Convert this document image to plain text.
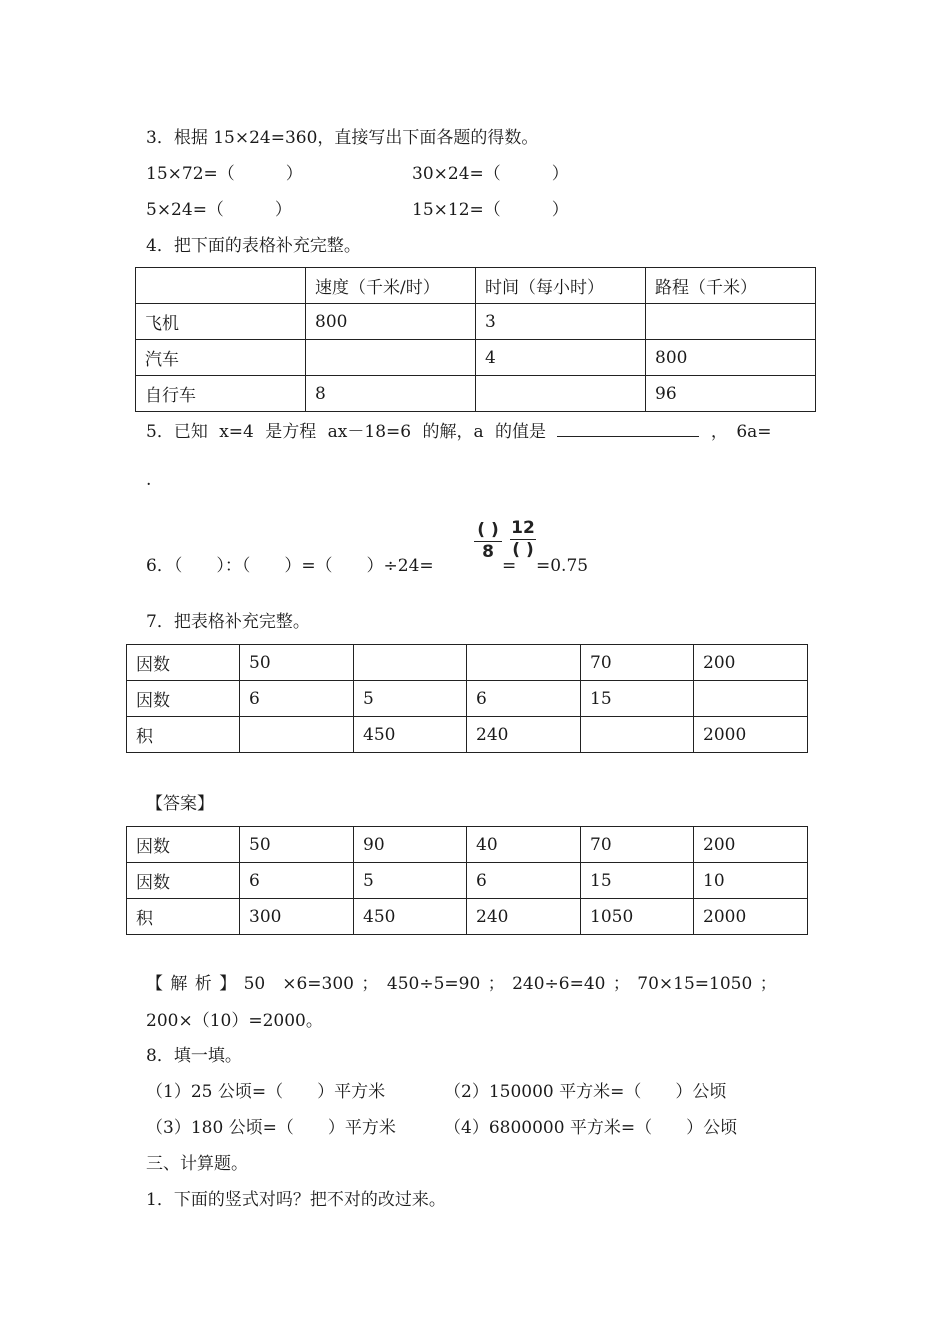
3．根据 15×24=360，直接写出下面各题的得数。
15×72=（　　　）	30×24=（　　　）
5×24=（　　　）	15×12=（　　　）
4．把下面的表格补充完整。
	速度（千米/时）	时间（每小时）	路程（千米）
飞机	800	3	
汽车		4	800
自行车	8		96
5．已知 x=4 是方程 ax－18=6 的解，a 的值是	，　6a=
.
6．（　　）：（　　）=（　　）÷24=
( )
8
=
12
( )
=0.75
7．把表格补充完整。
因数	50			70	200
因数	6	5	6	15	
积		450	240		2000
【答案】
因数	50	90	40	70	200
因数	6	5	6	15	10
积	300	450	240	1050	2000
【 解 析 】 50　×6=300 ；　450÷5=90 ； 240÷6=40 ； 70×15=1050 ；
200×（10）=2000。
8．填一填。
（1）25 公顷=（　　）平方米	（2）150000 平方米=（　　）公顷
（3）180 公顷=（　　）平方米	（4）6800000 平方米=（　　）公顷
三、计算题。
1．下面的竖式对吗？把不对的改过来。
